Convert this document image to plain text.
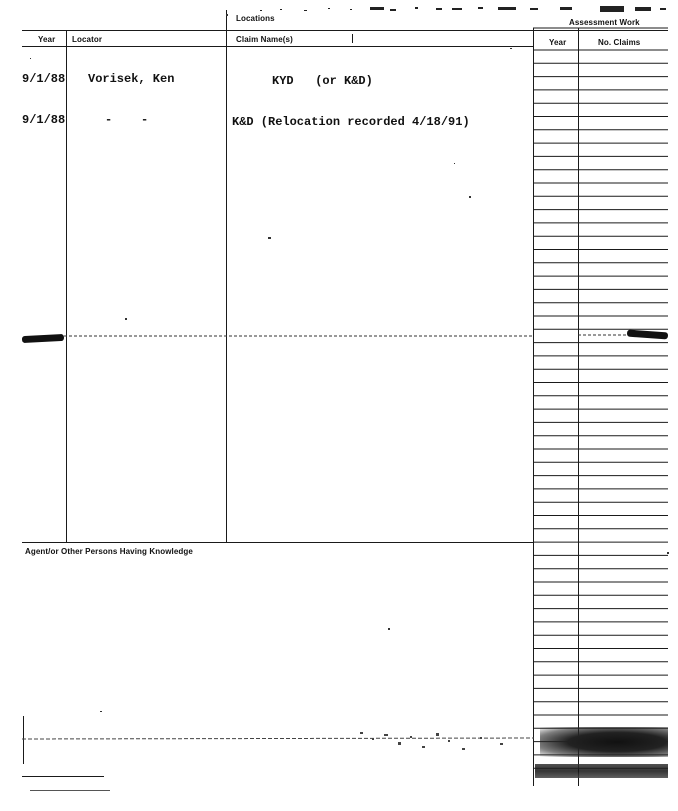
Locations	Assessment Work
Year Locator	Claim Name(s)	Year	No. Claims
9/1/88 Vorisek, Ken	KYD   (or K&D)
9/1/88	-    -	K&D (Relocation recorded 4/18/91)
Agent/or Other Persons Having Knowledge
